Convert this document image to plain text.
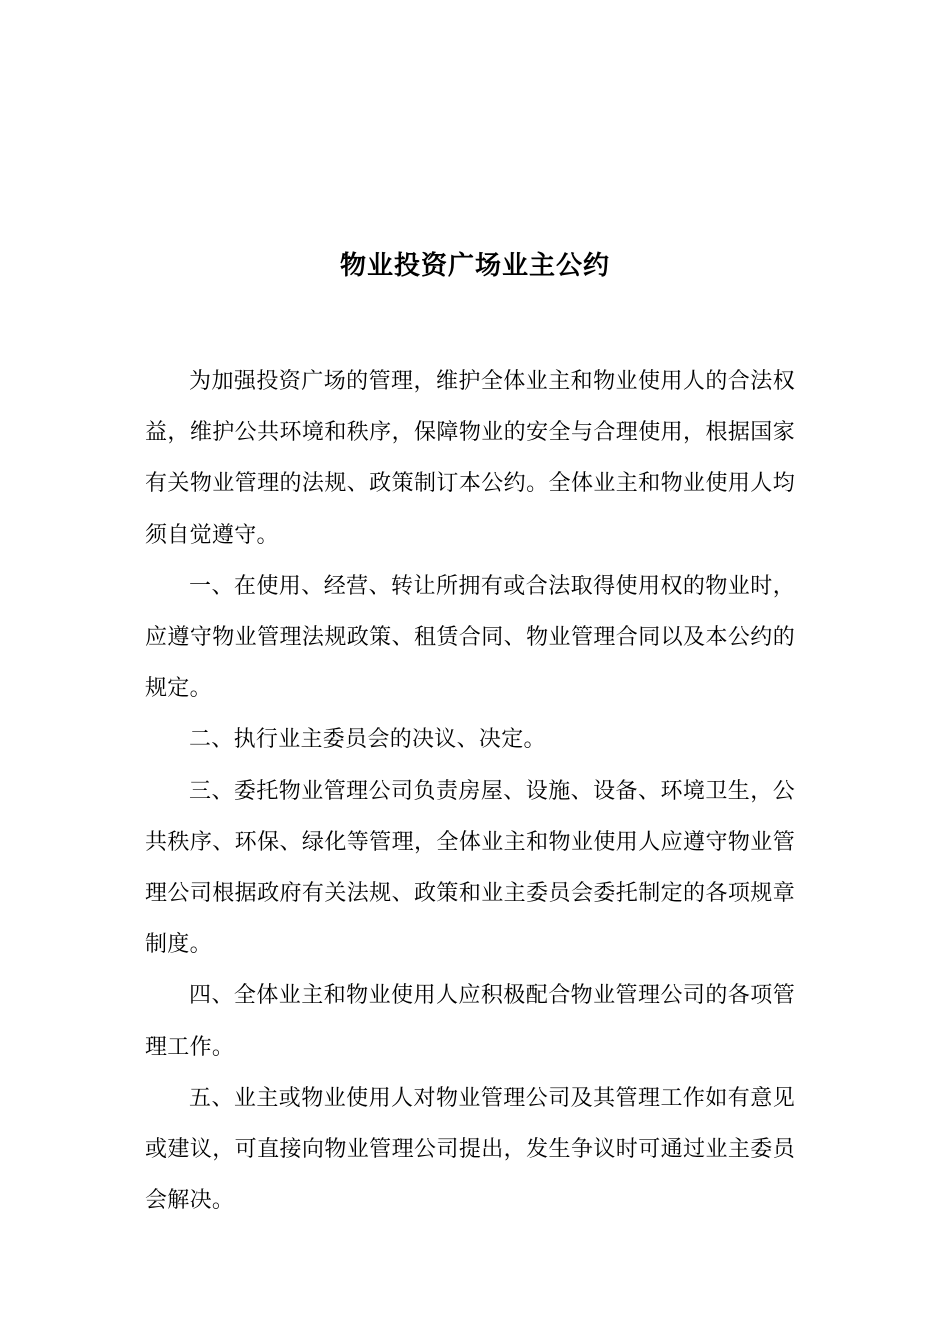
物业投资广场业主公约

为加强投资广场的管理，维护全体业主和物业使用人的合法权益，维护公共环境和秩序，保障物业的安全与合理使用，根据国家有关物业管理的法规、政策制订本公约。全体业主和物业使用人均须自觉遵守。

一、在使用、经营、转让所拥有或合法取得使用权的物业时，应遵守物业管理法规政策、租赁合同、物业管理合同以及本公约的规定。

二、执行业主委员会的决议、决定。

三、委托物业管理公司负责房屋、设施、设备、环境卫生，公共秩序、环保、绿化等管理，全体业主和物业使用人应遵守物业管理公司根据政府有关法规、政策和业主委员会委托制定的各项规章制度。

四、全体业主和物业使用人应积极配合物业管理公司的各项管理工作。

五、业主或物业使用人对物业管理公司及其管理工作如有意见或建议，可直接向物业管理公司提出，发生争议时可通过业主委员会解决。
